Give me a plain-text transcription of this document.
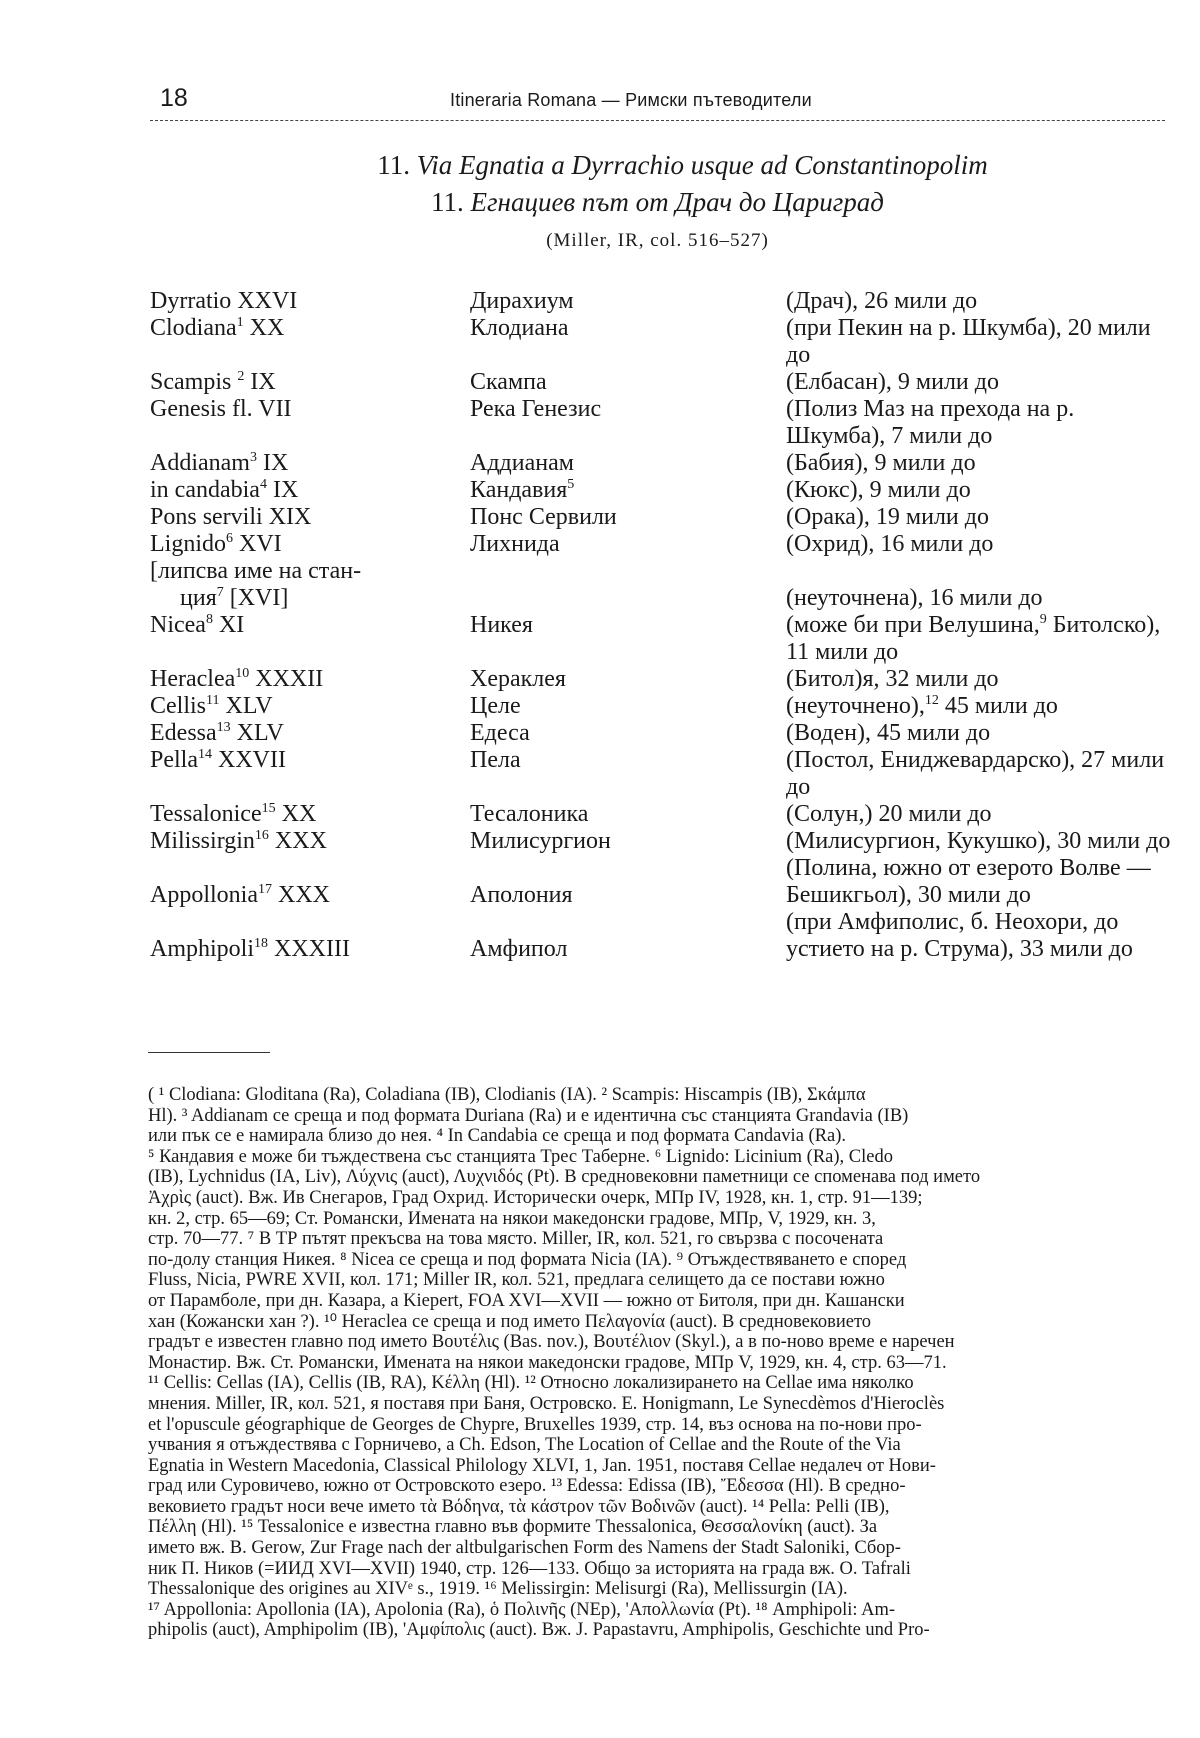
18	Itineraria Romana — Римски пътеводители
11. Via Egnatia a Dyrrachio usque ad Constantinopolim
11. Егнациев път от Драч до Цариград
(Miller, IR, col. 516–527)
Dyrratio XXVI
Clodiana$^1$ XX
Scampis $^2$ IX
Genesis fl. VII
Addianam$^3$ IX
in candabia$^4$ IX
Pons servili XIX
Lignido$^6$ XVI
[липсва име на стан-
ция$^7$ [XVI]
Nicea$^8$ XI
Heraclea$^{10}$ XXXII
Cellis$^{11}$ XLV
Edessa$^{13}$ XLV
Pella$^{14}$ XXVII
Tessalonice$^{15}$ XX
Milissirgin$^{16}$ XXX
Appollonia$^{17}$ XXX
Amphipoli$^{18}$ XXXIII
Дирахиум
Клодиана
Скампа
Река Генезис
Аддианам
Кандавия$^5$
Понс Сервили
Лихнида
Никея
Хераклея
Целе
Едеса
Пела
Тесалоника
Милисургион
Аполония
Амфипол
(Драч), 26 мили до
(при Пекин на р. Шкумба), 20 мили до
(Елбасан), 9 мили до
(Полиз Маз на прехода на р. Шкумба), 7 мили до
(Бабия), 9 мили до
(Кюкс), 9 мили до
(Орака), 19 мили до
(Охрид), 16 мили до
(неуточнена), 16 мили до
(може би при Велушина,$^9$ Битолско), 11 мили до
(Битол)я, 32 мили до
(неуточнено),$^{12}$ 45 мили до
(Воден), 45 мили до
(Постол, Ениджевардарско), 27 мили до
(Солун,) 20 мили до
(Милисургион, Кукушко), 30 мили до
(Полина, южно от езерото Волве — Бешикгьол), 30 мили до
(при Амфиполис, б. Неохори, до устието на р. Струма), 33 мили до
( ¹ Clodiana: Gloditana (Ra), Coladiana (IB), Clodianis (IA). ² Scampis: Hiscampis (IB), Σκάμπα
Hl). ³ Addianam се среща и под формата Duriana (Ra) и е идентична със станцията Grandavia (IB)
или пък се е намирала близо до нея. ⁴ In Candabia се среща и под формата Candavia (Ra).
⁵ Кандавия е може би тъждествена със станцията Трес Таберне. ⁶ Lignido: Licinium (Ra), Cledo
(IB), Lychnidus (IA, Liv), Λύχνις (auct), Λυχνιδός (Pt). В средновековни паметници се споменава под името
Ἀχρὶς (auct). Вж. Ив Снегаров, Град Охрид. Исторически очерк, МПр IV, 1928, кн. 1, стр. 91—139;
кн. 2, стр. 65—69; Ст. Романски, Имената на някои македонски градове, МПр, V, 1929, кн. 3,
стр. 70—77. ⁷ В ТР пътят прекъсва на това място. Miller, IR, кол. 521, го свързва с посочената
по-долу станция Никея. ⁸ Nicea се среща и под формата Nicia (IA). ⁹ Отъждествяването е според
Fluss, Nicia, PWRE XVII, кол. 171; Miller IR, кол. 521, предлага селището да се постави южно
от Парамболе, при дн. Казара, а Kiepert, FOA XVI—XVII — южно от Битоля, при дн. Кашански
хан (Кожански хан ?). ¹⁰ Heraclea се среща и под името Πελαγονία (auct). В средновековието
градът е известен главно под името Βουτέλις (Bas. nov.), Βουτέλιον (Skyl.), а в по-ново време е наречен
Монастир. Вж. Ст. Романски, Имената на някои македонски градове, МПр V, 1929, кн. 4, стр. 63—71.
¹¹ Cellis: Cellas (IA), Cellis (IB, RA), Κέλλη (Hl). ¹² Относно локализирането на Cellae има няколко
мнения. Miller, IR, кол. 521, я поставя при Баня, Островско. E. Honigmann, Le Synecdèmos d'Hieroclès
et l'opuscule géographique de Georges de Chypre, Bruxelles 1939, стр. 14, въз основа на по-нови про-
учвания я отъждествява с Горничево, а Ch. Edson, The Location of Cellae and the Route of the Via
Egnatia in Western Macedonia, Classical Philology XLVI, 1, Jan. 1951, поставя Cellae недалеч от Нови-
град или Суровичево, южно от Островското езеро. ¹³ Edessa: Edissa (IB), Ἔδεσσα (Hl). В средно-
вековието градът носи вече името τὰ Βόδηνα, τὰ κάστρον τῶν Βοδινῶν (auct). ¹⁴ Pella: Pelli (IB),
Πέλλη (Hl). ¹⁵ Tessalonice е известна главно във формите Thessalonica, Θεσσαλονίκη (auct). За
името вж. B. Gerow, Zur Frage nach der altbulgarischen Form des Namens der Stadt Saloniki, Сбор-
ник П. Ников (=ИИД XVI—XVII) 1940, стр. 126—133. Общо за историята на града вж. O. Tafrali
Thessalonique des origines au XIVᵉ s., 1919. ¹⁶ Melissirgin: Melisurgi (Ra), Mellissurgin (IA).
¹⁷ Appollonia: Apollonia (IA), Apolonia (Ra), ὁ Πολινῆς (NEp), 'Απολλωνία (Pt). ¹⁸ Amphipoli: Am-
phipolis (auct), Amphipolim (IB), 'Αμφίπολις (auct). Вж. J. Papastavru, Amphipolis, Geschichte und Pro-
